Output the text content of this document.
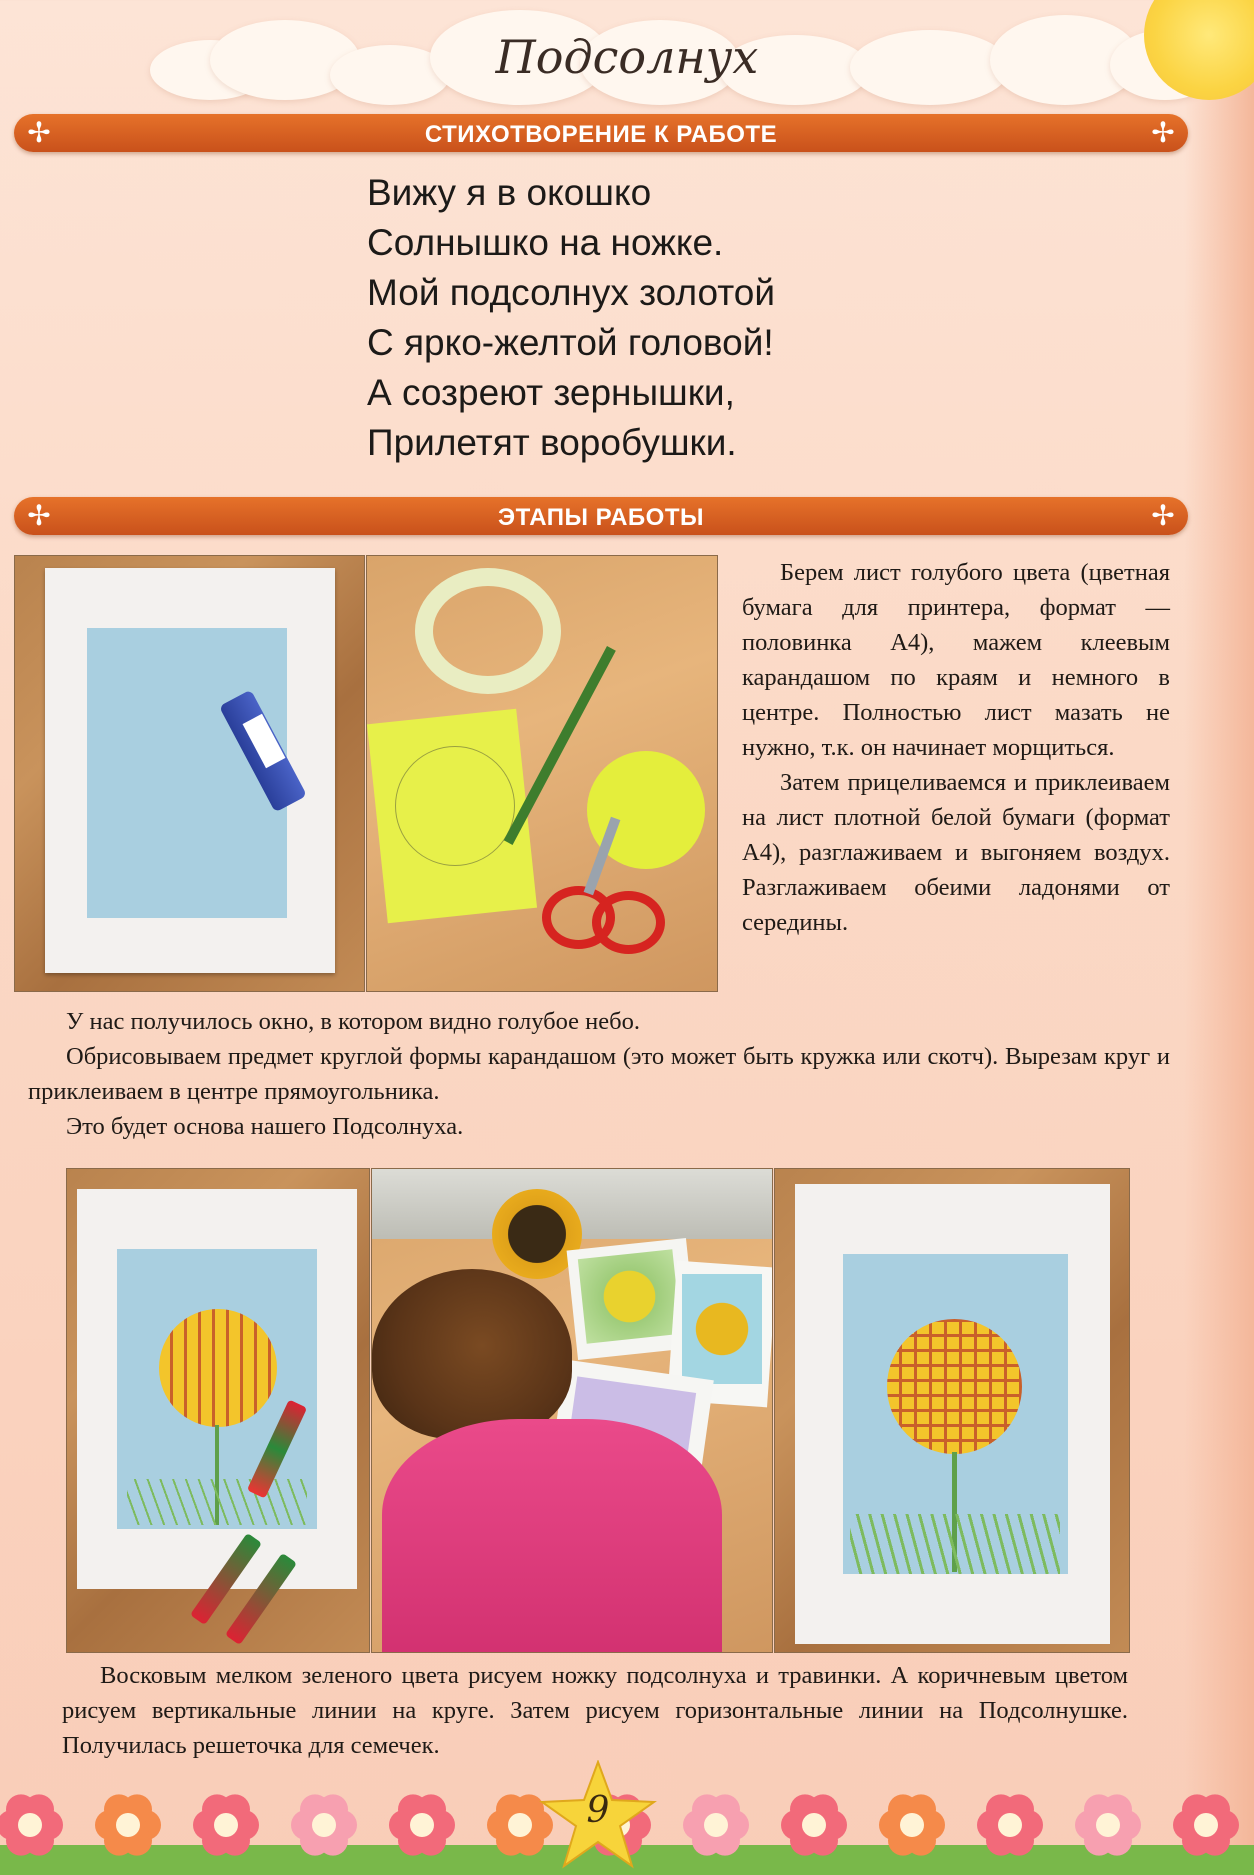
Подсолнух
✢	СТИХОТВОРЕНИЕ К РАБОТЕ	✢
Вижу я в окошко
Солнышко на ножке.
Мой подсолнух золотой
С ярко-желтой головой!
А созреют зернышки,
Прилетят воробушки.
✢	ЭТАПЫ РАБОТЫ	✢

Берем лист голубого цвета (цветная бумага для принтера, формат — половинка А4), мажем клеевым карандашом по краям и немного в центре. Полностью лист мазать не нужно, т.к. он начинает морщиться.

Затем прицеливаемся и приклеиваем на лист плотной белой бумаги (формат А4), разглаживаем и выгоняем воздух. Разглаживаем обеими ладонями от середины.

У нас получилось окно, в котором видно голубое небо.

Обрисовываем предмет круглой формы карандашом (это может быть кружка или скотч). Вырезам круг и приклеиваем в центре прямоугольника.

Это будет основа нашего Подсолнуха.

Восковым мелком зеленого цвета рисуем ножку подсолнуха и травинки. А коричневым цветом рисуем вертикальные линии на круге. Затем рисуем горизонтальные линии на Подсолнушке. Получилась решеточка для семечек.

9
